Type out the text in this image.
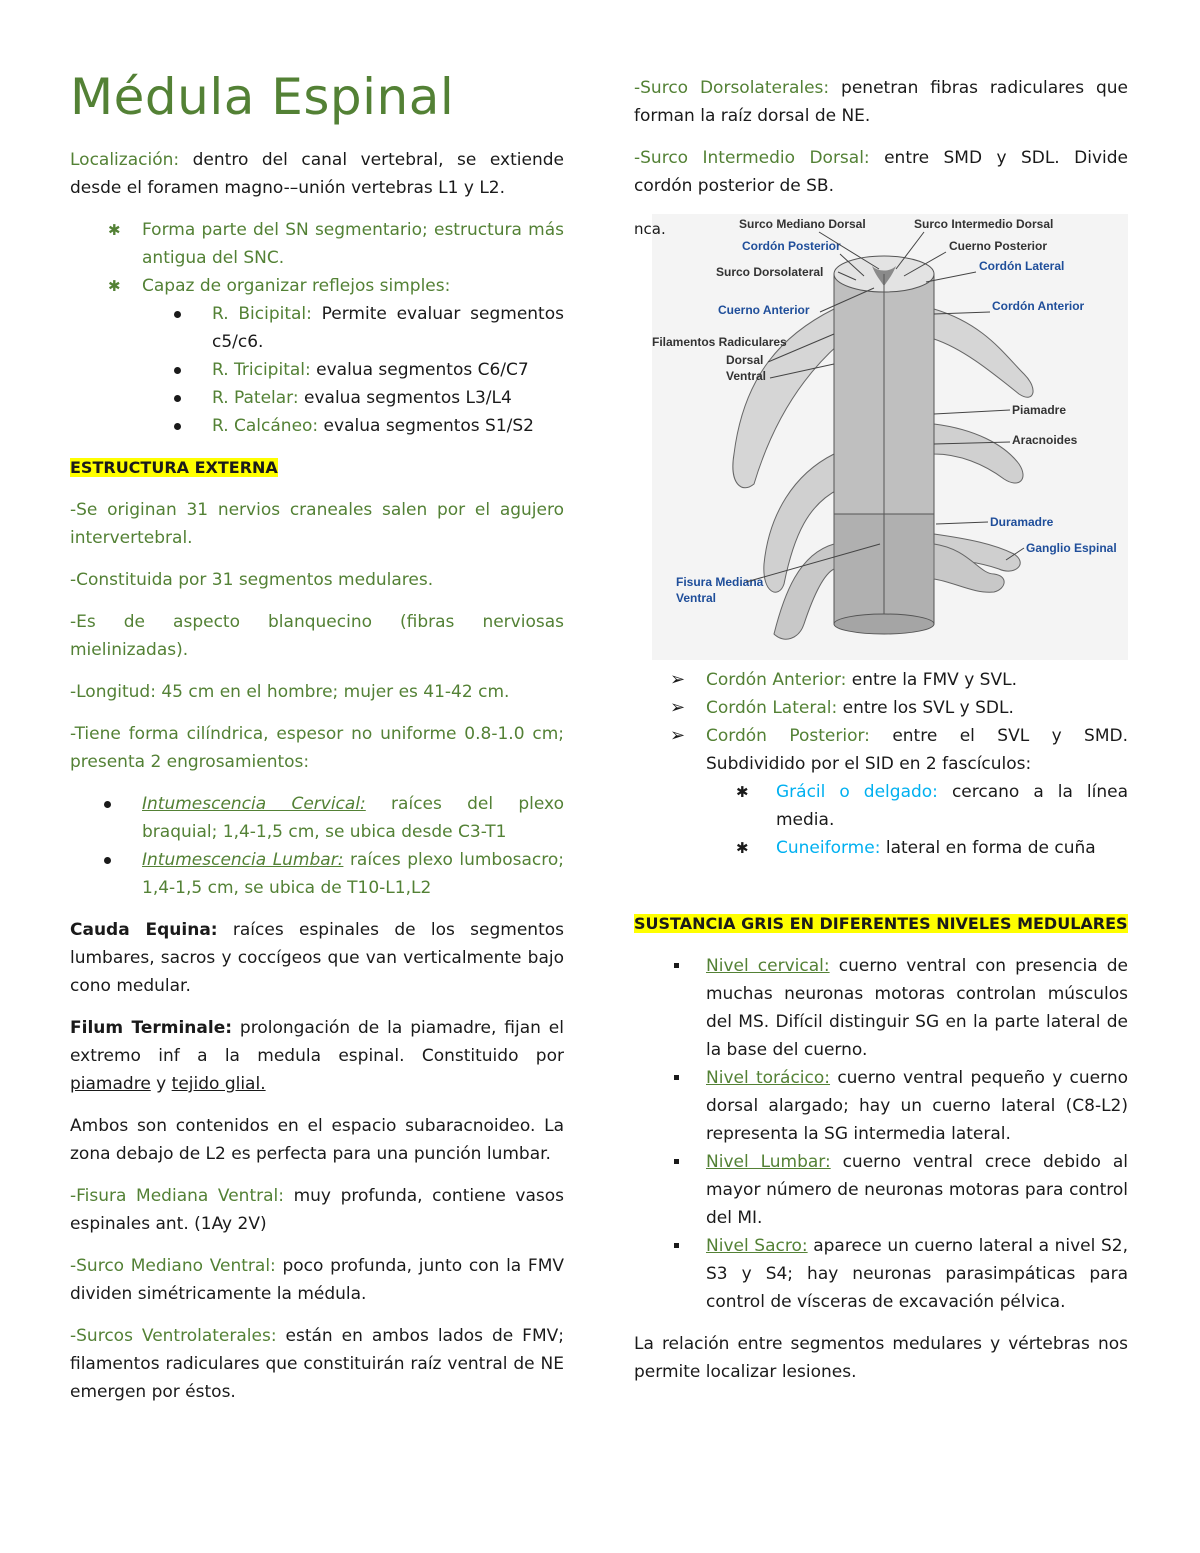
Médula Espinal

Localización: dentro del canal vertebral, se extiende desde el foramen magno-–unión vertebras L1 y L2.

✱ Forma parte del SN segmentario; estructura más antigua del SNC.
✱ Capaz de organizar reflejos simples:
R. Bicipital: Permite evaluar segmentos c5/c6.
R. Tricipital: evalua segmentos C6/C7
R. Patelar: evalua segmentos L3/L4
R. Calcáneo: evalua segmentos S1/S2

ESTRUCTURA EXTERNA

-Se originan 31 nervios craneales salen por el agujero intervertebral.

-Constituida por 31 segmentos medulares.

-Es de aspecto blanquecino (fibras nerviosas mielinizadas).

-Longitud: 45 cm en el hombre; mujer es 41-42 cm.

-Tiene forma cilíndrica, espesor no uniforme 0.8-1.0 cm; presenta 2 engrosamientos:

Intumescencia Cervical: raíces del plexo braquial; 1,4-1,5 cm, se ubica desde C3-T1
Intumescencia Lumbar: raíces plexo lumbosacro; 1,4-1,5 cm, se ubica de T10-L1,L2

Cauda Equina: raíces espinales de los segmentos lumbares, sacros y coccígeos que van verticalmente bajo cono medular.

Filum Terminale: prolongación de la piamadre, fijan el extremo inf a la medula espinal. Constituido por piamadre y tejido glial.

Ambos son contenidos en el espacio subaracnoideo. La zona debajo de L2 es perfecta para una punción lumbar.

-Fisura Mediana Ventral: muy profunda, contiene vasos espinales ant. (1Ay 2V)

-Surco Mediano Ventral: poco profunda, junto con la FMV dividen simétricamente la médula.

-Surcos Ventrolaterales: están en ambos lados de FMV; filamentos radiculares que constituirán raíz ventral de NE emergen por éstos.

-Surco Dorsolaterales: penetran fibras radiculares que forman la raíz dorsal de NE.

-Surco Intermedio Dorsal: entre SMD y SDL. Divide cordón posterior de SB.

nca.	Surco Mediano Dorsal	Surco Intermedio Dorsal
Cordón Posterior	Cuerno Posterior
Cordón Lateral
Surco Dorsolateral
Cordón Anterior
Cuerno Anterior
Filamentos Radiculares
Dorsal
Ventral
Piamadre
Aracnoides
Duramadre
Ganglio Espinal
Fisura Mediana
Ventral
➢ Cordón Anterior: entre la FMV y SVL.
➢ Cordón Lateral: entre los SVL y SDL.
➢ Cordón Posterior: entre el SVL y SMD. Subdividido por el SID en 2 fascículos:
✱ Grácil o delgado: cercano a la línea media.
✱ Cuneiforme: lateral en forma de cuña

SUSTANCIA GRIS EN DIFERENTES NIVELES MEDULARES

Nivel cervical: cuerno ventral con presencia de muchas neuronas motoras controlan músculos del MS. Difícil distinguir SG en la parte lateral de la base del cuerno.
Nivel torácico: cuerno ventral pequeño y cuerno dorsal alargado; hay un cuerno lateral (C8-L2) representa la SG intermedia lateral.
Nivel Lumbar: cuerno ventral crece debido al mayor número de neuronas motoras para control del MI.
Nivel Sacro: aparece un cuerno lateral a nivel S2, S3 y S4; hay neuronas parasimpáticas para control de vísceras de excavación pélvica.

La relación entre segmentos medulares y vértebras nos permite localizar lesiones.
